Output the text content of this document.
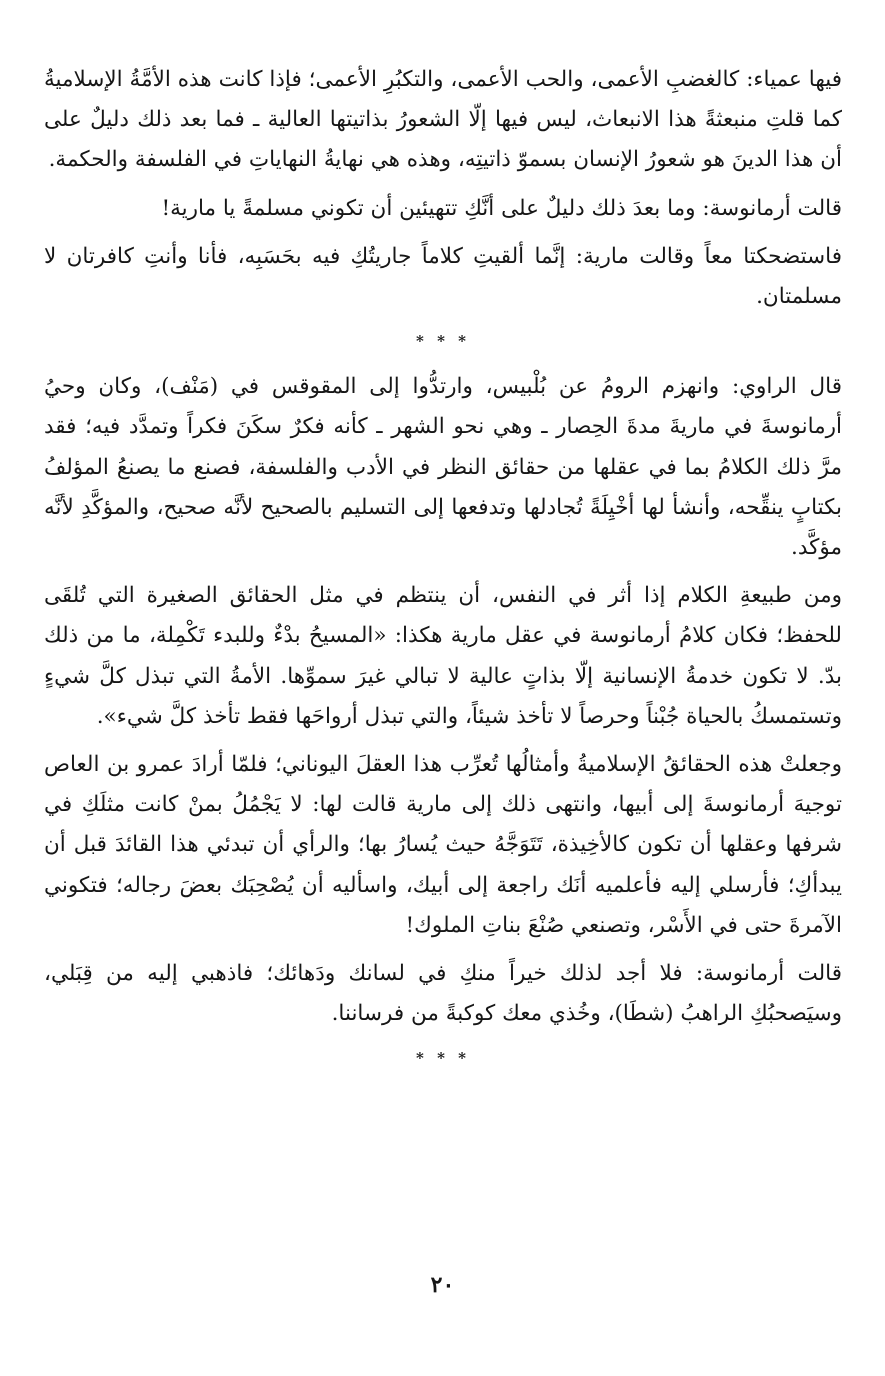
فيها عمياء: كالغضبِ الأعمى، والحب الأعمى، والتكبُرِ الأعمى؛ فإذا كانت هذه الأمَّةُ الإسلاميةُ كما قلتِ منبعثةً هذا الانبعاث، ليس فيها إلّا الشعورُ بذاتيتها العالية ـ فما بعد ذلك دليلٌ على أن هذا الدينَ هو شعورُ الإنسان بسموّ ذاتيتِه، وهذه هي نهايةُ النهاياتِ في الفلسفة والحكمة.

قالت أرمانوسة: وما بعدَ ذلك دليلٌ على أنَّكِ تتهيئين أن تكوني مسلمةً يا مارية!

فاستضحكتا معاً وقالت مارية: إنَّما ألقيتِ كلاماً جاريتُكِ فيه بحَسَبِه، فأنا وأنتِ كافرتان لا مسلمتان.

* * *

قال الراوي: وانهزم الرومُ عن بُلْبيس، وارتدُّوا إلى المقوقس في (مَنْف)، وكان وحيُ أرمانوسةَ في ماريةَ مدةَ الحِصار ـ وهي نحو الشهر ـ كأنه فكرٌ سكَنَ فكراً وتمدَّد فيه؛ فقد مرَّ ذلك الكلامُ بما في عقلها من حقائق النظر في الأدب والفلسفة، فصنع ما يصنعُ المؤلفُ بكتابٍ ينقِّحه، وأنشأ لها أخْيِلَةً تُجادلها وتدفعها إلى التسليم بالصحيح لأنَّه صحيح، والمؤكَّدِ لأنَّه مؤكَّد.

ومن طبيعةِ الكلام إذا أثر في النفس، أن ينتظم في مثل الحقائق الصغيرة التي تُلقَى للحفظ؛ فكان كلامُ أرمانوسة في عقل مارية هكذا: «المسيحُ بدْءٌ وللبدء تَكْمِلة، ما من ذلك بدّ. لا تكون خدمةُ الإنسانية إلّا بذاتٍ عالية لا تبالي غيرَ سموِّها. الأمةُ التي تبذل كلَّ شيءٍ وتستمسكُ بالحياة جُبْناً وحرصاً لا تأخذ شيئاً، والتي تبذل أرواحَها فقط تأخذ كلَّ شيء».

وجعلتْ هذه الحقائقُ الإسلاميةُ وأمثالُها تُعرِّب هذا العقلَ اليوناني؛ فلمّا أرادَ عمرو بن العاص توجيهَ أرمانوسةَ إلى أبيها، وانتهى ذلك إلى مارية قالت لها: لا يَجْمُلُ بمنْ كانت مثلَكِ في شرفها وعقلها أن تكون كالأخِيذة، تَتَوَجَّهُ حيث يُسارُ بها؛ والرأي أن تبدئي هذا القائدَ قبل أن يبدأكِ؛ فأرسلي إليه فأعلميه أنَك راجعة إلى أبيك، واسأليه أن يُصْحِبَك بعضَ رجاله؛ فتكوني الآمرةَ حتى في الأَسْر، وتصنعي صُنْعَ بناتِ الملوك!

قالت أرمانوسة: فلا أجد لذلك خيراً منكِ في لسانك ودَهائك؛ فاذهبي إليه من قِبَلي، وسيَصحبُكِ الراهبُ (شطَا)، وخُذي معك كوكبةً من فرساننا.

* * *
٢٠
